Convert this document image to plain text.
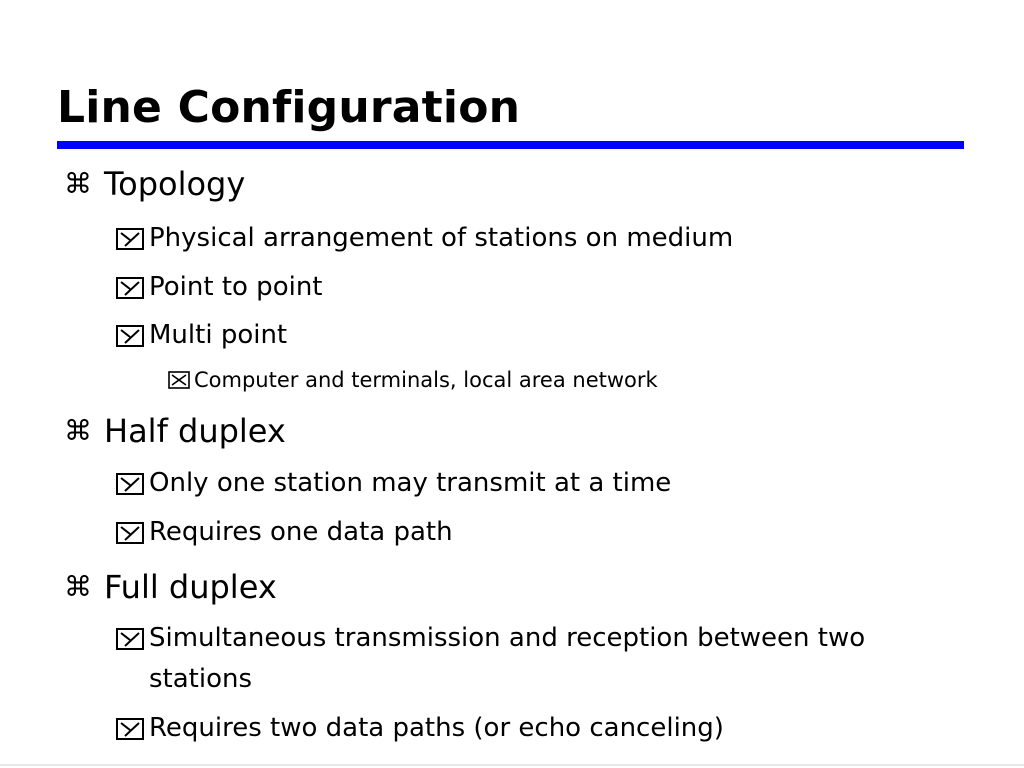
Line Configuration
⌘ Topology
Physical arrangement of stations on medium
Point to point
Multi point
Computer and terminals, local area network
⌘ Half duplex
Only one station may transmit at a time
Requires one data path
⌘ Full duplex
Simultaneous transmission and reception between two stations
Requires two data paths (or echo canceling)
